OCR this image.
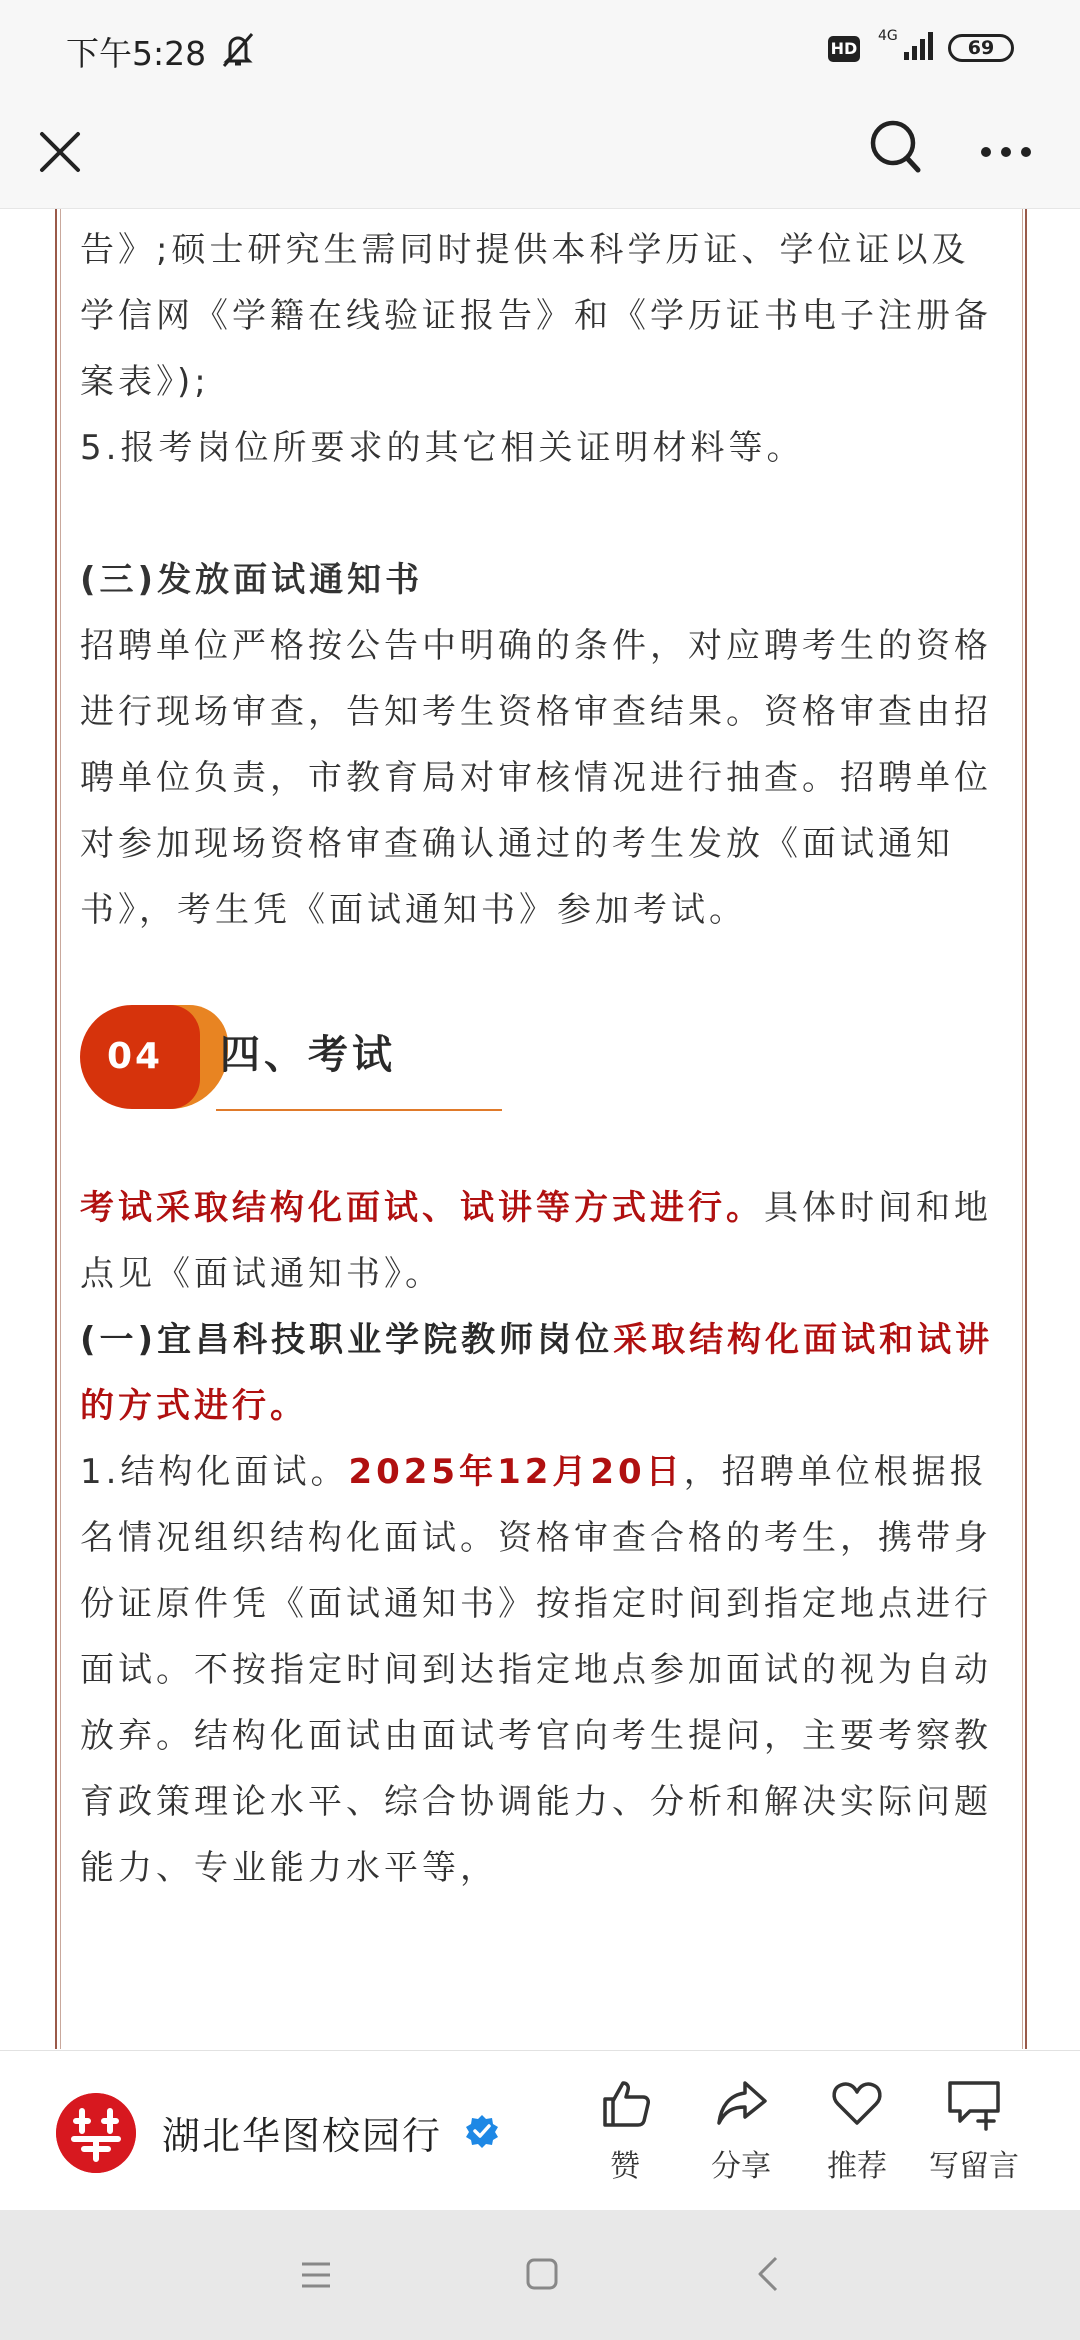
下午5:28	HD
4G
69

告》;硕士研究生需同时提供本科学历证、学位证以及学信网《学籍在线验证报告》和《学历证书电子注册备案表》);

5.报考岗位所要求的其它相关证明材料等。

(三)发放面试通知书

招聘单位严格按公告中明确的条件，对应聘考生的资格进行现场审查，告知考生资格审查结果。资格审查由招聘单位负责，市教育局对审核情况进行抽查。招聘单位对参加现场资格审查确认通过的考生发放《面试通知书》，考生凭《面试通知书》参加考试。

04	四、考试

考试采取结构化面试、试讲等方式进行。具体时间和地点见《面试通知书》。

(一)宜昌科技职业学院教师岗位采取结构化面试和试讲的方式进行。

1.结构化面试。2025年12月20日，招聘单位根据报名情况组织结构化面试。资格审查合格的考生，携带身份证原件凭《面试通知书》按指定时间到指定地点进行面试。不按指定时间到达指定地点参加面试的视为自动放弃。结构化面试由面试考官向考生提问，主要考察教育政策理论水平、综合协调能力、分析和解决实际问题能力、专业能力水平等，

湖北华图校园行
赞	分享	推荐	写留言
